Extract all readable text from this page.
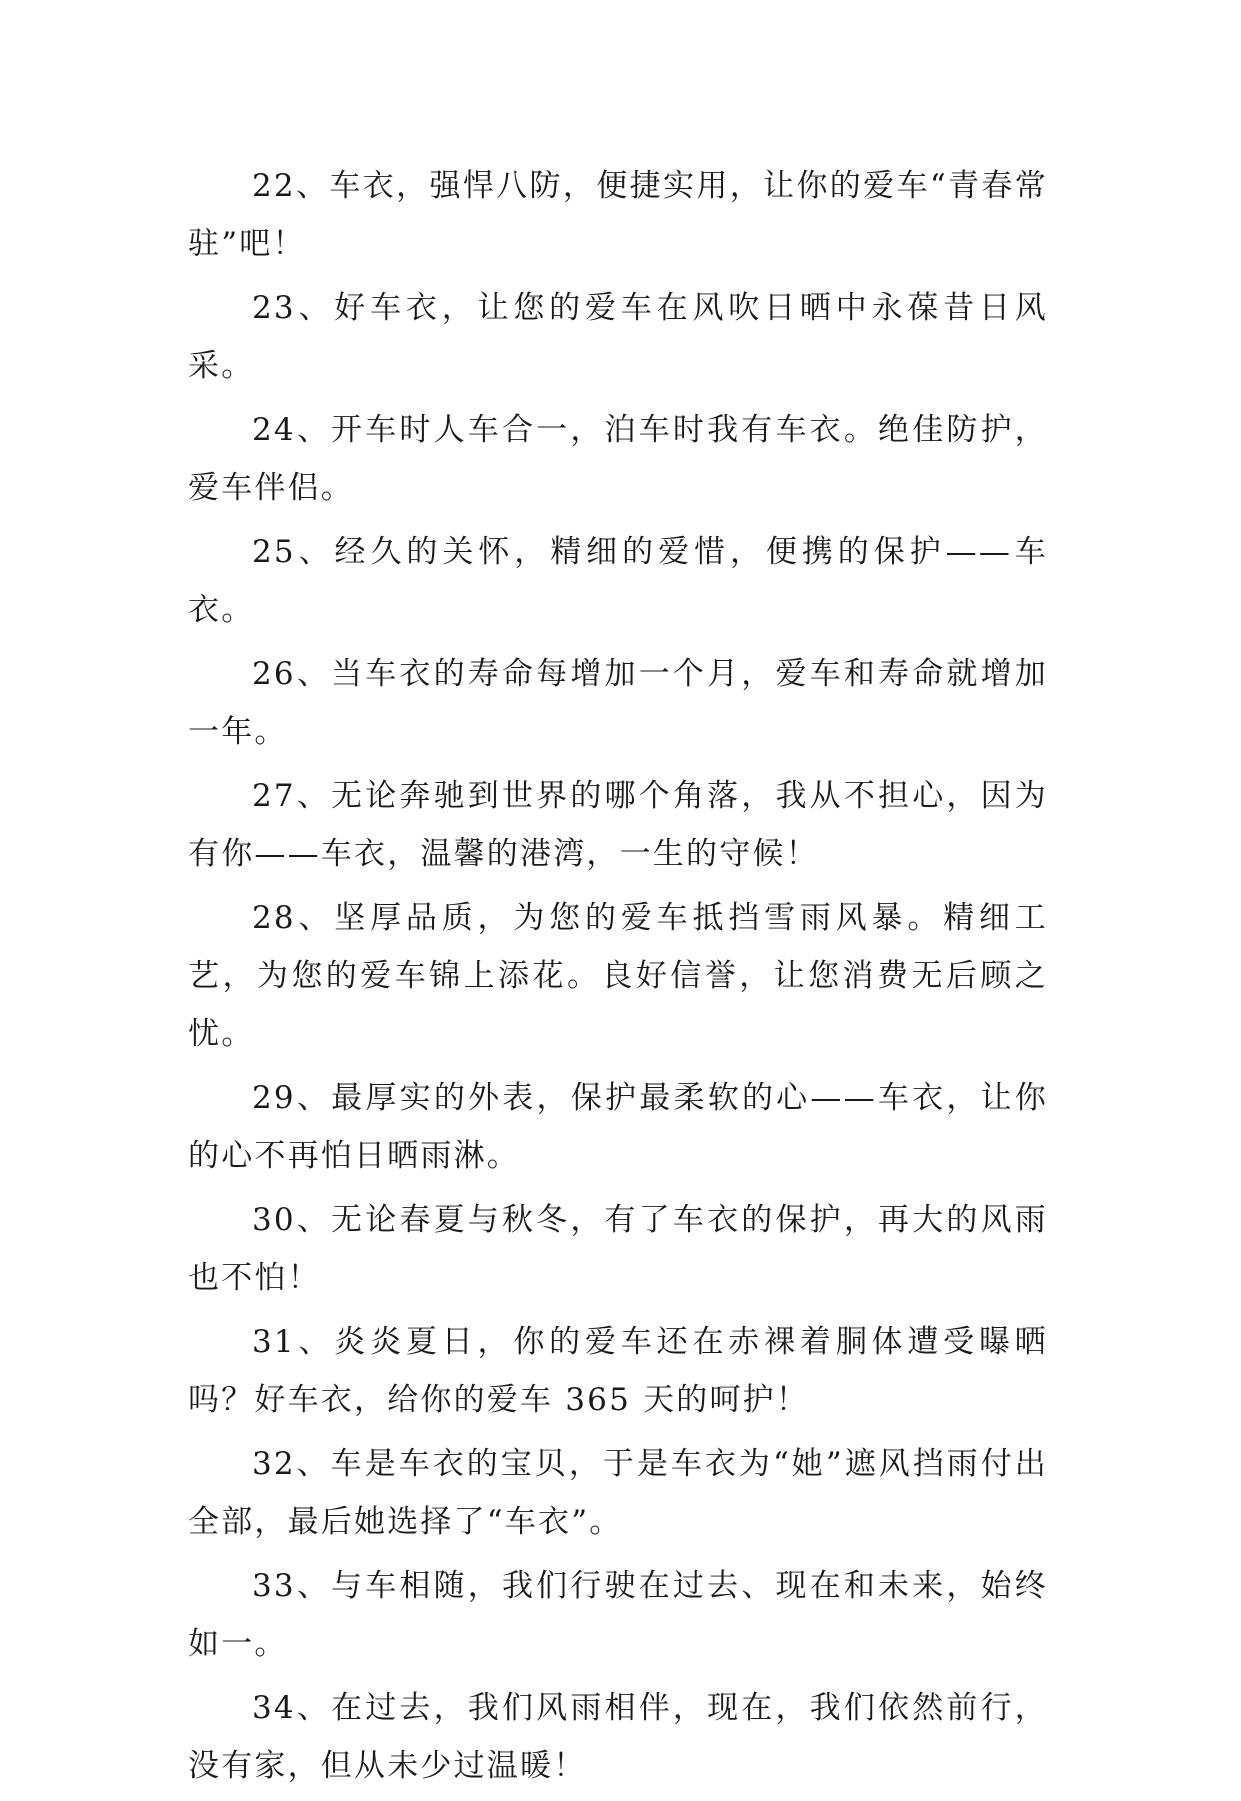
22、车衣，强悍八防，便捷实用，让你的爱车“青春常驻”吧！

23、好车衣，让您的爱车在风吹日晒中永葆昔日风采。

24、开车时人车合一，泊车时我有车衣。绝佳防护，爱车伴侣。

25、经久的关怀，精细的爱惜，便携的保护——车衣。

26、当车衣的寿命每增加一个月，爱车和寿命就增加一年。

27、无论奔驰到世界的哪个角落，我从不担心，因为有你——车衣，温馨的港湾，一生的守候！

28、坚厚品质，为您的爱车抵挡雪雨风暴。精细工艺，为您的爱车锦上添花。良好信誉，让您消费无后顾之忧。

29、最厚实的外表，保护最柔软的心——车衣，让你的心不再怕日晒雨淋。

30、无论春夏与秋冬，有了车衣的保护，再大的风雨也不怕！

31、炎炎夏日，你的爱车还在赤裸着胴体遭受曝晒吗？好车衣，给你的爱车 365 天的呵护！

32、车是车衣的宝贝，于是车衣为“她”遮风挡雨付出全部，最后她选择了“车衣”。

33、与车相随，我们行驶在过去、现在和未来，始终如一。

34、在过去，我们风雨相伴，现在，我们依然前行，没有家，但从未少过温暖！
